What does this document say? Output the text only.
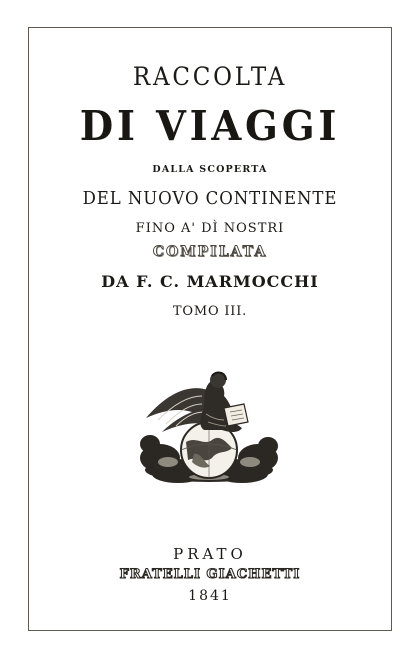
RACCOLTA
DI VIAGGI
DALLA SCOPERTA
DEL NUOVO CONTINENTE
FINO A' DÌ NOSTRI
COMPILATA
DA F. C. MARMOCCHI
TOMO III.
PRATO
FRATELLI GIACHETTI
1841
